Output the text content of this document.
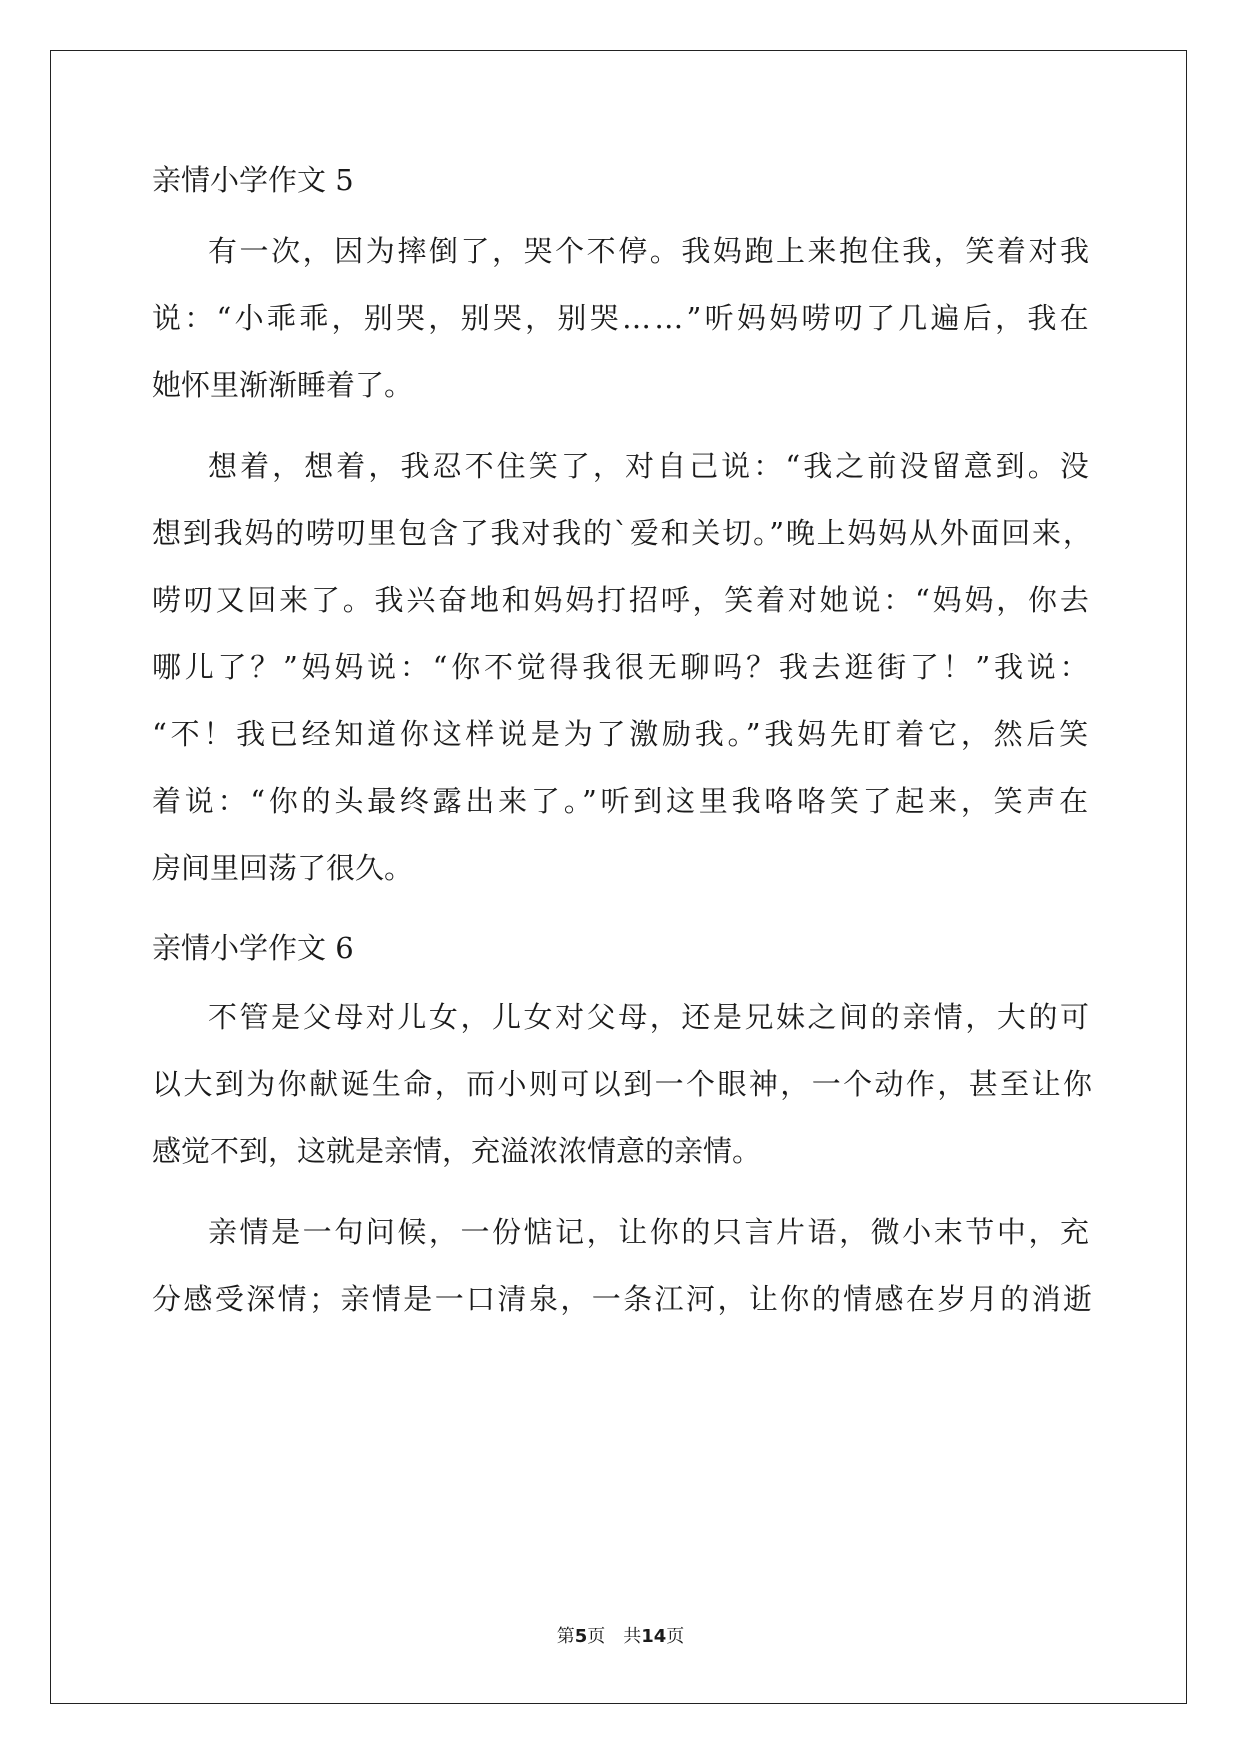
亲情小学作文 5
有一次，因为摔倒了，哭个不停。我妈跑上来抱住我，笑着对我
说：“小乖乖，别哭，别哭，别哭……”听妈妈唠叨了几遍后，我在
她怀里渐渐睡着了。
想着，想着，我忍不住笑了，对自己说：“我之前没留意到。没
想到我妈的唠叨里包含了我对我的`爱和关切。”晚上妈妈从外面回来，
唠叨又回来了。我兴奋地和妈妈打招呼，笑着对她说：“妈妈，你去
哪儿了？”妈妈说：“你不觉得我很无聊吗？我去逛街了！”我说：
“不！我已经知道你这样说是为了激励我。”我妈先盯着它，然后笑
着说：“你的头最终露出来了。”听到这里我咯咯笑了起来，笑声在
房间里回荡了很久。
亲情小学作文 6
不管是父母对儿女，儿女对父母，还是兄妹之间的亲情，大的可
以大到为你献诞生命，而小则可以到一个眼神，一个动作，甚至让你
感觉不到，这就是亲情，充溢浓浓情意的亲情。
亲情是一句问候，一份惦记，让你的只言片语，微小末节中，充
分感受深情；亲情是一口清泉，一条江河，让你的情感在岁月的消逝
第5页　共14页
